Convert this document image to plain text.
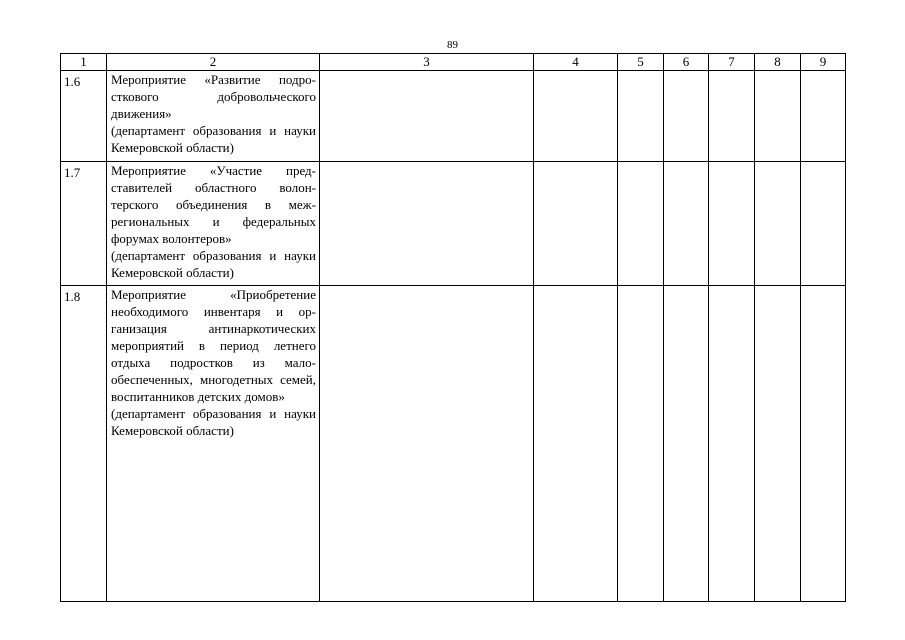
89
1	2	3	4	5	6	7	8	9
1.6	Мероприятие «Развитие подро-сткового добровольческого движения»
(департамент образования и науки Кемеровской области)							

1.7	Мероприятие «Участие пред-ставителей областного волон-терского объединения в меж-региональных и федеральных форумах волонтеров»
(департамент образования и науки Кемеровской области)							

1.8	Мероприятие «Приобретение необходимого инвентаря и ор-ганизация антинаркотических мероприятий в период летнего отдыха подростков из мало-обеспеченных, многодетных семей, воспитанников детских домов»
(департамент образования и науки Кемеровской области)							
